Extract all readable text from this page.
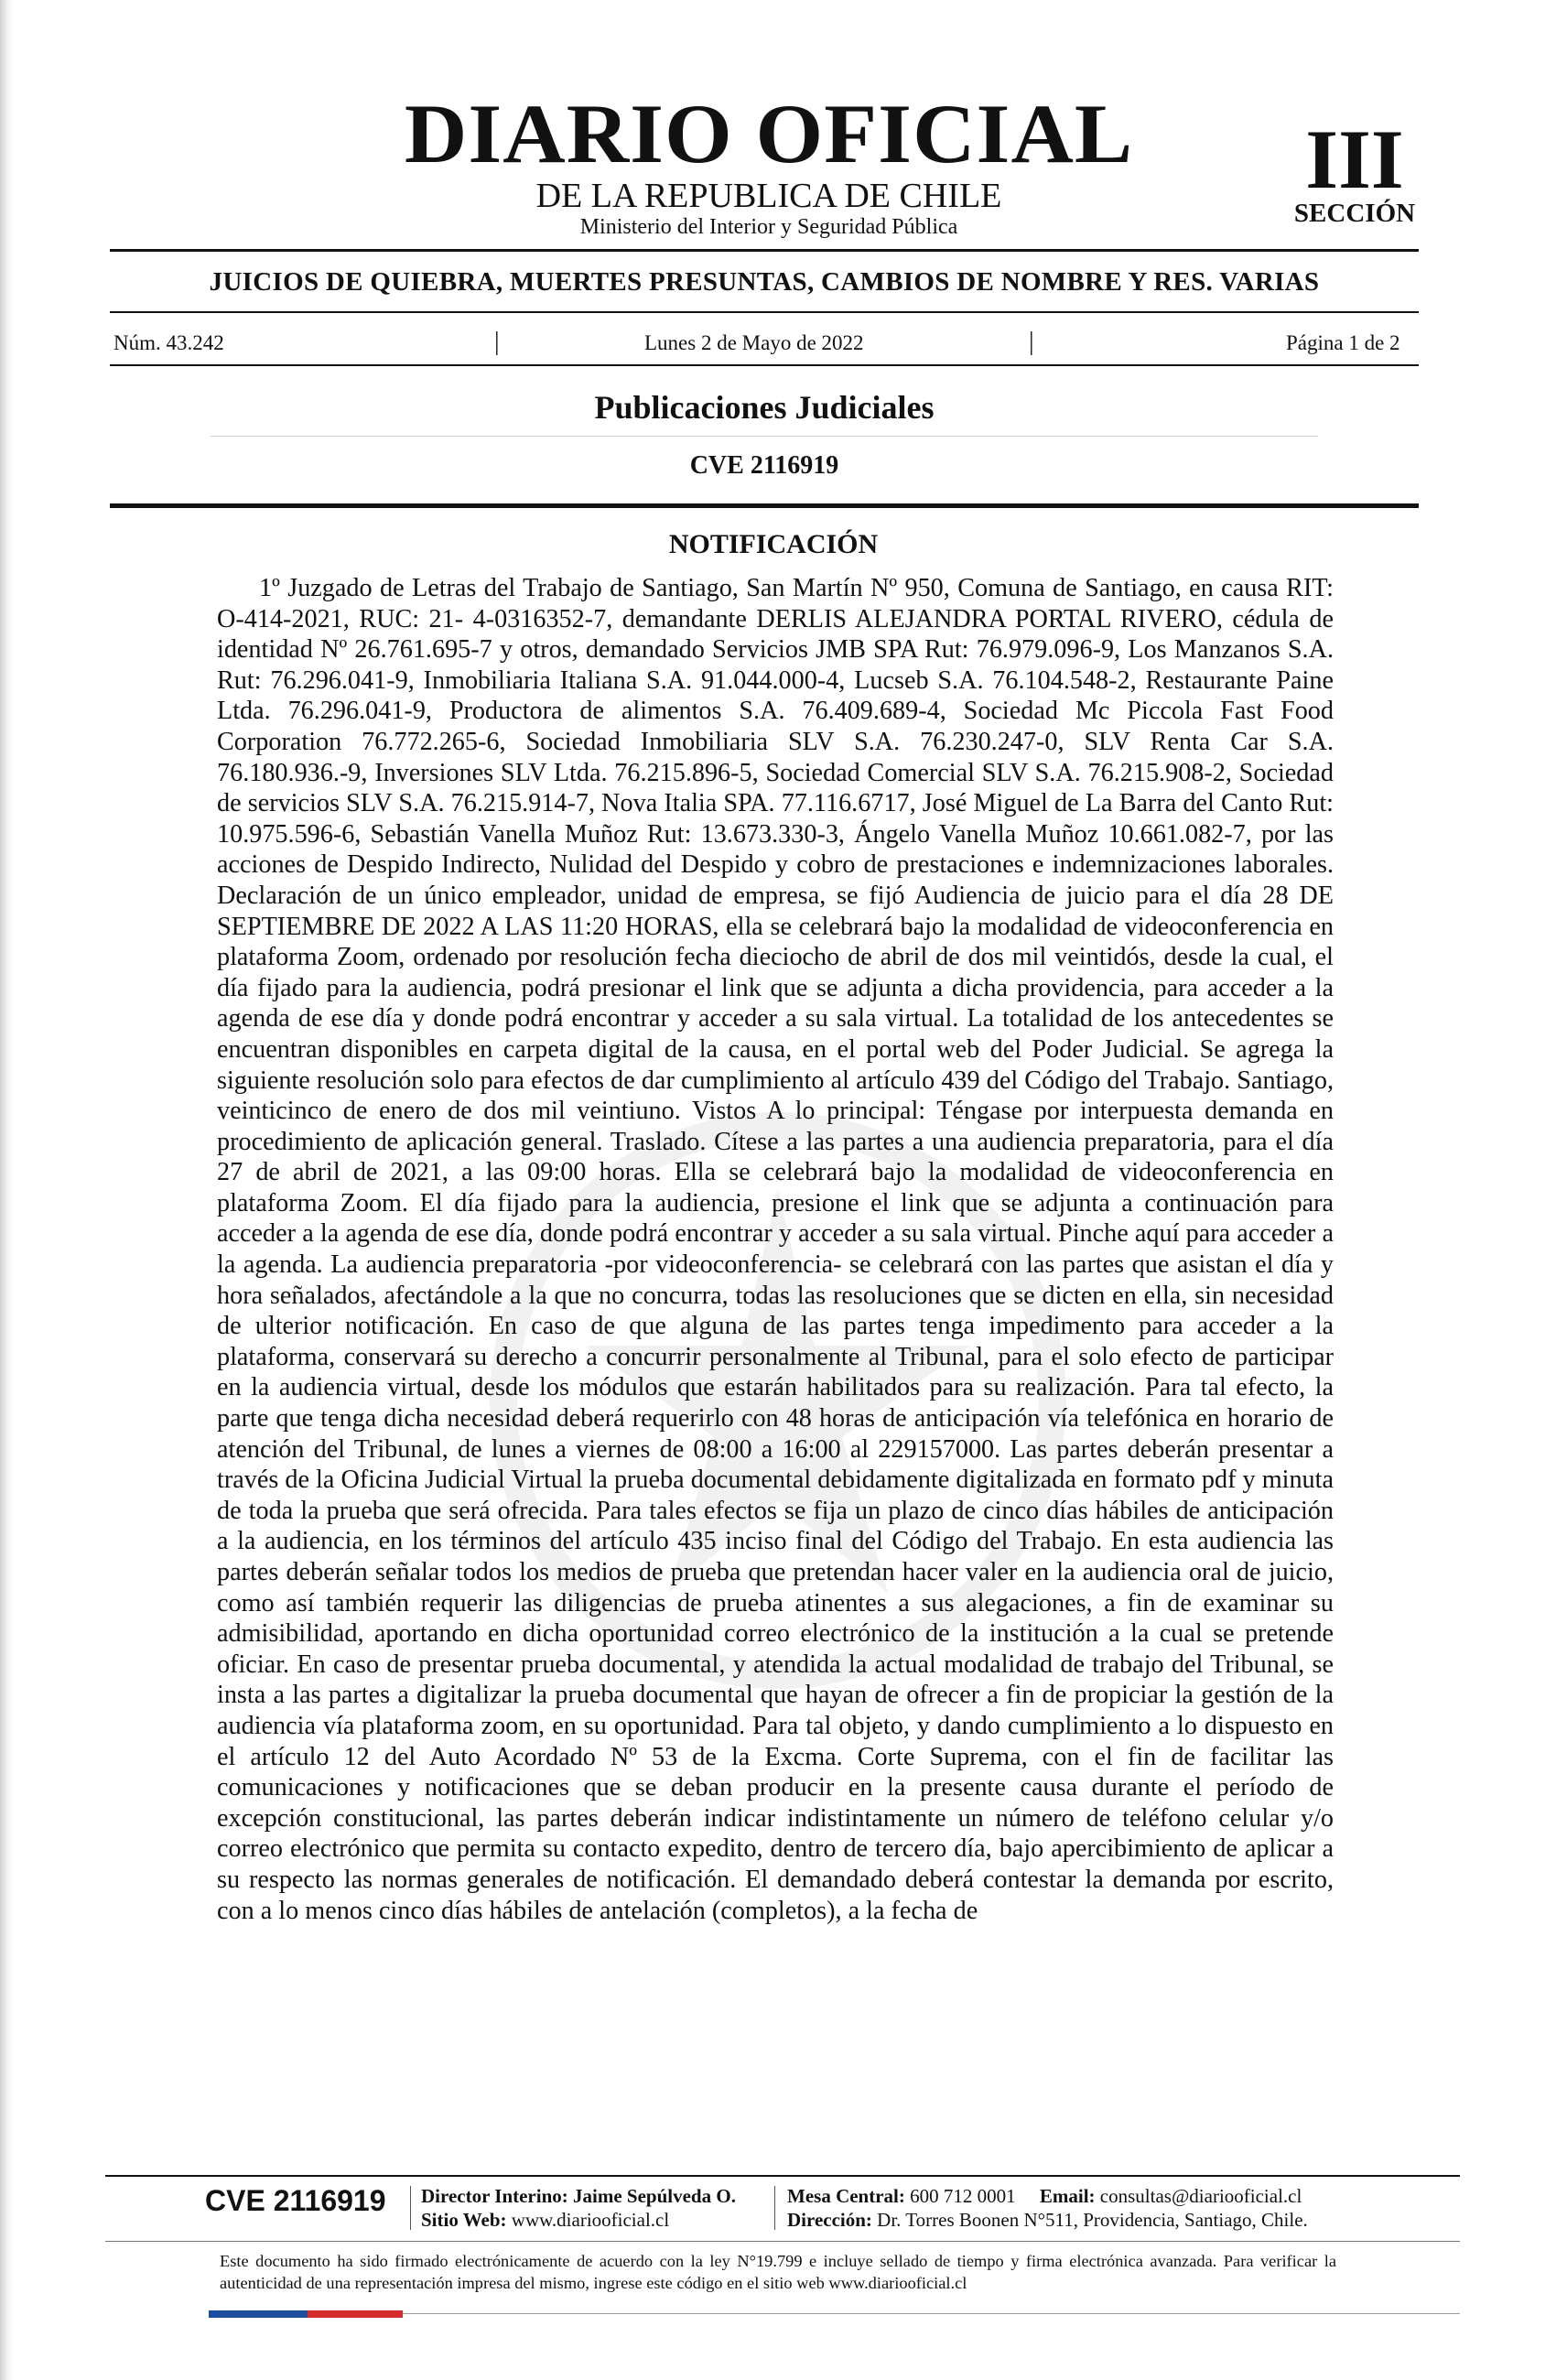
DIARIO OFICIAL
DE LA REPUBLICA DE CHILE
Ministerio del Interior y Seguridad Pública
III
SECCIÓN
JUICIOS DE QUIEBRA, MUERTES PRESUNTAS, CAMBIOS DE NOMBRE Y RES. VARIAS
Núm. 43.242	|	Lunes 2 de Mayo de 2022	|	Página 1 de 2
Publicaciones Judiciales
CVE 2116919
NOTIFICACIÓN

1º Juzgado de Letras del Trabajo de Santiago, San Martín Nº 950, Comuna de Santiago, en causa RIT: O-414-2021, RUC: 21- 4-0316352-7, demandante DERLIS ALEJANDRA PORTAL RIVERO, cédula de identidad Nº 26.761.695-7 y otros, demandado Servicios JMB SPA Rut: 76.979.096-9, Los Manzanos S.A. Rut: 76.296.041-9, Inmobiliaria Italiana S.A. 91.044.000-4, Lucseb S.A. 76.104.548-2, Restaurante Paine Ltda. 76.296.041-9, Productora de alimentos S.A. 76.409.689-4, Sociedad Mc Piccola Fast Food Corporation 76.772.265-6, Sociedad Inmobiliaria SLV S.A. 76.230.247-0, SLV Renta Car S.A. 76.180.936.-9, Inversiones SLV Ltda. 76.215.896-5, Sociedad Comercial SLV S.A. 76.215.908-2, Sociedad de servicios SLV S.A. 76.215.914-7, Nova Italia SPA. 77.116.6717, José Miguel de La Barra del Canto Rut: 10.975.596-6, Sebastián Vanella Muñoz Rut: 13.673.330-3, Ángelo Vanella Muñoz 10.661.082-7, por las acciones de Despido Indirecto, Nulidad del Despido y cobro de prestaciones e indemnizaciones laborales. Declaración de un único empleador, unidad de empresa, se fijó Audiencia de juicio para el día 28 DE SEPTIEMBRE DE 2022 A LAS 11:20 HORAS, ella se celebrará bajo la modalidad de videoconferencia en plataforma Zoom, ordenado por resolución fecha dieciocho de abril de dos mil veintidós, desde la cual, el día fijado para la audiencia, podrá presionar el link que se adjunta a dicha providencia, para acceder a la agenda de ese día y donde podrá encontrar y acceder a su sala virtual. La totalidad de los antecedentes se encuentran disponibles en carpeta digital de la causa, en el portal web del Poder Judicial. Se agrega la siguiente resolución solo para efectos de dar cumplimiento al artículo 439 del Código del Trabajo. Santiago, veinticinco de enero de dos mil veintiuno. Vistos A lo principal: Téngase por interpuesta demanda en procedimiento de aplicación general. Traslado. Cítese a las partes a una audiencia preparatoria, para el día 27 de abril de 2021, a las 09:00 horas. Ella se celebrará bajo la modalidad de videoconferencia en plataforma Zoom. El día fijado para la audiencia, presione el link que se adjunta a continuación para acceder a la agenda de ese día, donde podrá encontrar y acceder a su sala virtual. Pinche aquí para acceder a la agenda. La audiencia preparatoria -por videoconferencia- se celebrará con las partes que asistan el día y hora señalados, afectándole a la que no concurra, todas las resoluciones que se dicten en ella, sin necesidad de ulterior notificación. En caso de que alguna de las partes tenga impedimento para acceder a la plataforma, conservará su derecho a concurrir personalmente al Tribunal, para el solo efecto de participar en la audiencia virtual, desde los módulos que estarán habilitados para su realización. Para tal efecto, la parte que tenga dicha necesidad deberá requerirlo con 48 horas de anticipación vía telefónica en horario de atención del Tribunal, de lunes a viernes de 08:00 a 16:00 al 229157000. Las partes deberán presentar a través de la Oficina Judicial Virtual la prueba documental debidamente digitalizada en formato pdf y minuta de toda la prueba que será ofrecida. Para tales efectos se fija un plazo de cinco días hábiles de anticipación a la audiencia, en los términos del artículo 435 inciso final del Código del Trabajo. En esta audiencia las partes deberán señalar todos los medios de prueba que pretendan hacer valer en la audiencia oral de juicio, como así también requerir las diligencias de prueba atinentes a sus alegaciones, a fin de examinar su admisibilidad, aportando en dicha oportunidad correo electrónico de la institución a la cual se pretende oficiar. En caso de presentar prueba documental, y atendida la actual modalidad de trabajo del Tribunal, se insta a las partes a digitalizar la prueba documental que hayan de ofrecer a fin de propiciar la gestión de la audiencia vía plataforma zoom, en su oportunidad. Para tal objeto, y dando cumplimiento a lo dispuesto en el artículo 12 del Auto Acordado Nº 53 de la Excma. Corte Suprema, con el fin de facilitar las comunicaciones y notificaciones que se deban producir en la presente causa durante el período de excepción constitucional, las partes deberán indicar indistintamente un número de teléfono celular y/o correo electrónico que permita su contacto expedito, dentro de tercero día, bajo apercibimiento de aplicar a su respecto las normas generales de notificación. El demandado deberá contestar la demanda por escrito, con a lo menos cinco días hábiles de antelación (completos), a la fecha de

CVE 2116919 Director Interino: Jaime Sepúlveda O.
Sitio Web: www.diariooficial.cl
Mesa Central: 600 712 0001 Email: consultas@diariooficial.cl
Dirección: Dr. Torres Boonen N°511, Providencia, Santiago, Chile.
Este documento ha sido firmado electrónicamente de acuerdo con la ley N°19.799 e incluye sellado de tiempo y firma electrónica avanzada. Para verificar la autenticidad de una representación impresa del mismo, ingrese este código en el sitio web www.diariooficial.cl
